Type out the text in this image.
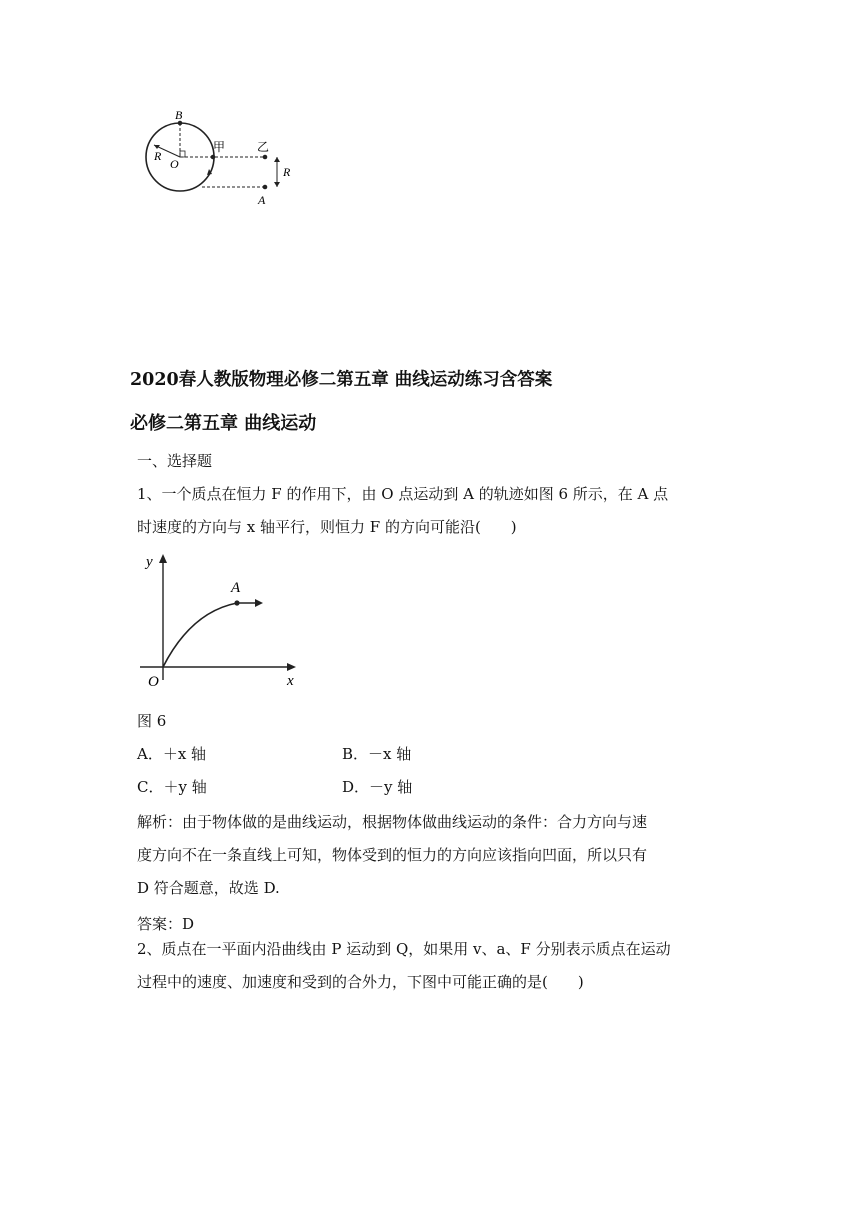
B
O
R
甲	乙
R
A
2020春人教版物理必修二第五章 曲线运动练习含答案
必修二第五章 曲线运动
一、选择题
1、一个质点在恒力 F 的作用下，由 O 点运动到 A 的轨迹如图 6 所示，在 A 点
时速度的方向与 x 轴平行，则恒力 F 的方向可能沿(　　)
y
x
O
A
图 6
A．＋x 轴	B．－x 轴
C．＋y 轴	D．－y 轴
解析：由于物体做的是曲线运动，根据物体做曲线运动的条件：合力方向与速
度方向不在一条直线上可知，物体受到的恒力的方向应该指向凹面，所以只有
D 符合题意，故选 D.
答案：D
2、质点在一平面内沿曲线由 P 运动到 Q，如果用 v、a、F 分别表示质点在运动
过程中的速度、加速度和受到的合外力，下图中可能正确的是(　　)
